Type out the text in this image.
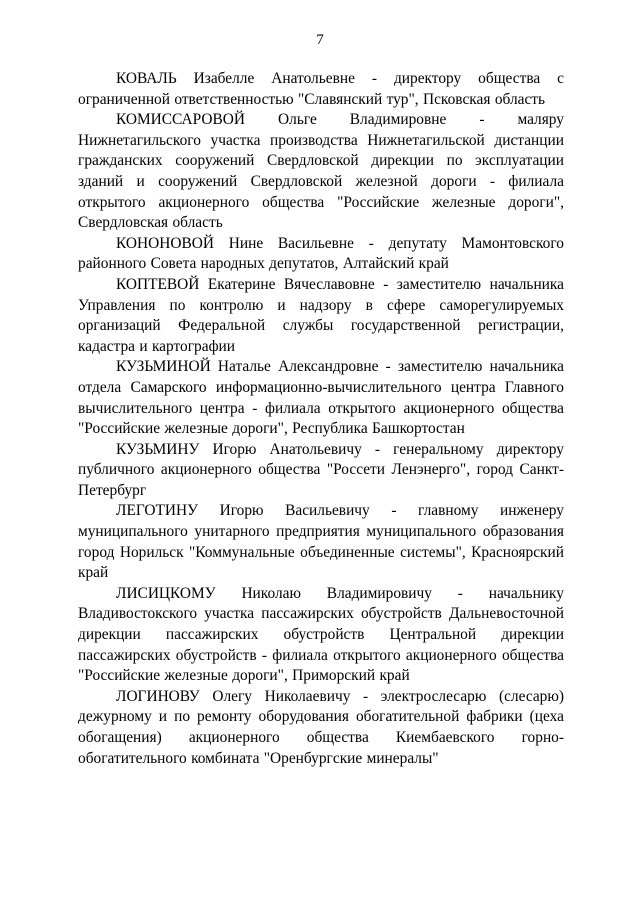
7

КОВАЛЬ Изабелле Анатольевне - директору общества с ограниченной ответственностью "Славянский тур", Псковская область

КОМИССАРОВОЙ Ольге Владимировне - маляру Нижнетагильского участка производства Нижнетагильской дистанции гражданских сооружений Свердловской дирекции по эксплуатации зданий и сооружений Свердловской железной дороги - филиала открытого акционерного общества "Российские железные дороги", Свердловская область

КОНОНОВОЙ Нине Васильевне - депутату Мамонтовского районного Совета народных депутатов, Алтайский край

КОПТЕВОЙ Екатерине Вячеславовне - заместителю начальника Управления по контролю и надзору в сфере саморегулируемых организаций Федеральной службы государственной регистрации, кадастра и картографии

КУЗЬМИНОЙ Наталье Александровне - заместителю начальника отдела Самарского информационно-вычислительного центра Главного вычислительного центра - филиала открытого акционерного общества "Российские железные дороги", Республика Башкортостан

КУЗЬМИНУ Игорю Анатольевичу - генеральному директору публичного акционерного общества "Россети Ленэнерго", город Санкт-Петербург

ЛЕГОТИНУ Игорю Васильевичу - главному инженеру муниципального унитарного предприятия муниципального образования город Норильск "Коммунальные объединенные системы", Красноярский край

ЛИСИЦКОМУ Николаю Владимировичу - начальнику Владивостокского участка пассажирских обустройств Дальневосточной дирекции пассажирских обустройств Центральной дирекции пассажирских обустройств - филиала открытого акционерного общества "Российские железные дороги", Приморский край

ЛОГИНОВУ Олегу Николаевичу - электрослесарю (слесарю) дежурному и по ремонту оборудования обогатительной фабрики (цеха обогащения) акционерного общества Киембаевского горно-обогатительного комбината "Оренбургские минералы"
